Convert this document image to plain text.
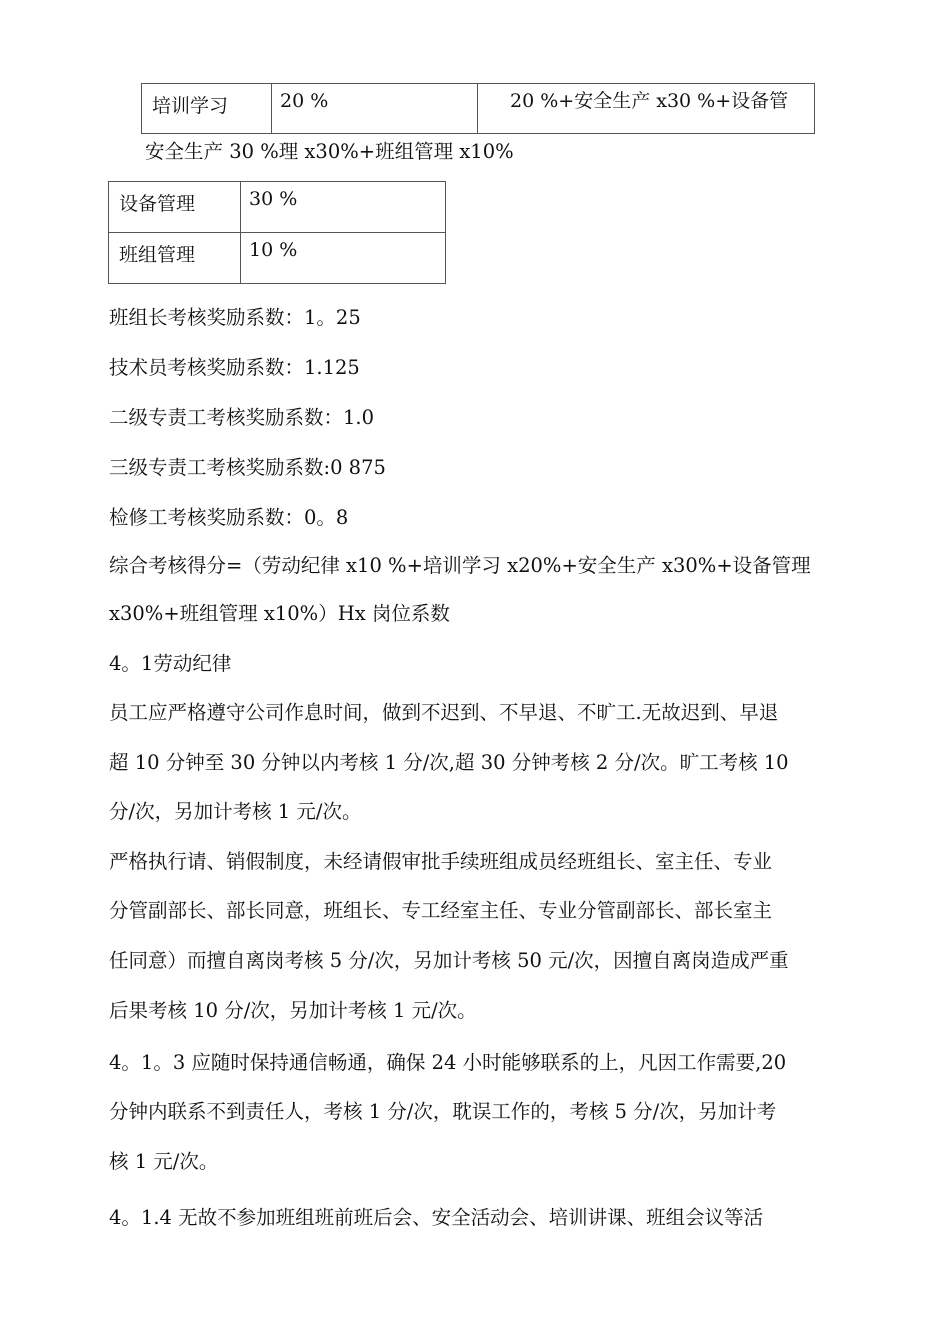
培训学习	20 %	20 %+安全生产 x30 %+设备管
安全生产 30 %理 x30%+班组管理 x10%
设备管理	30 %
班组管理	10 %
班组长考核奖励系数：1。25
技术员考核奖励系数：1.125
二级专责工考核奖励系数：1.0
三级专责工考核奖励系数:0 875
检修工考核奖励系数：0。8
综合考核得分=（劳动纪律 x10 %+培训学习 x20%+安全生产 x30%+设备管理
x30%+班组管理 x10%）Hx 岗位系数
4。1劳动纪律
员工应严格遵守公司作息时间，做到不迟到、不早退、不旷工.无故迟到、早退
超 10 分钟至 30 分钟以内考核 1 分/次,超 30 分钟考核 2 分/次。旷工考核 10
分/次，另加计考核 1 元/次。
严格执行请、销假制度，未经请假审批手续班组成员经班组长、室主任、专业
分管副部长、部长同意，班组长、专工经室主任、专业分管副部长、部长室主
任同意）而擅自离岗考核 5 分/次，另加计考核 50 元/次，因擅自离岗造成严重
后果考核 10 分/次，另加计考核 1 元/次。
4。1。3 应随时保持通信畅通，确保 24 小时能够联系的上，凡因工作需要,20
分钟内联系不到责任人，考核 1 分/次，耽误工作的，考核 5 分/次，另加计考
核 1 元/次。
4。1.4 无故不参加班组班前班后会、安全活动会、培训讲课、班组会议等活
